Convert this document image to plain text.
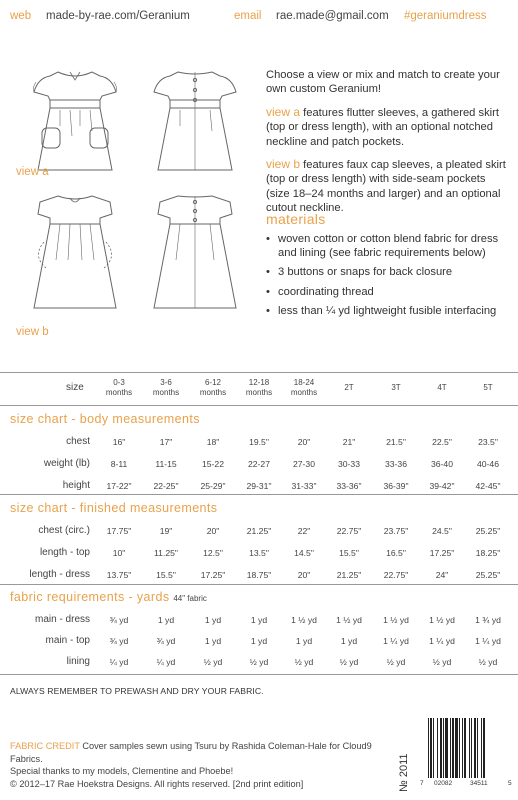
web made-by-rae.com/Geranium	email rae.made@gmail.com #geraniumdress
view a
view b

Choose a view or mix and match to create your own custom Geranium!

view a features flutter sleeves, a gathered skirt (top or dress length), with an optional notched neckline and patch pockets.

view b features faux cap sleeves, a pleated skirt (top or dress length) with side-seam pockets (size 18–24 months and larger) and an optional cutout neckline.

materials
• woven cotton or cotton blend fabric for dress and lining (see fabric requirements below)
• 3 buttons or snaps for back closure
• coordinating thread
• less than ¼ yd lightweight fusible interfacing
size	0-3
months
3-6
months
6-12
months
12-18
months
18-24
months
2T	3T	4T	5T
size chart - body measurements
chest	16"	17"	18"	19.5"	20"	21"	21.5"	22.5"	23.5"
weight (lb)	8-11	11-15	15-22	22-27	27-30	30-33	33-36	36-40	40-46
height	17-22"	22-25"	25-29"	29-31"	31-33"	33-36"	36-39"	39-42"	42-45"
size chart - finished measurements
chest (circ.)	17.75"	19"	20"	21.25"	22"	22.75"	23.75"	24.5"	25.25"
length - top	10"	11.25"	12.5"	13.5"	14.5"	15.5"	16.5"	17.25"	18.25"
length - dress	13.75"	15.5"	17.25"	18.75"	20"	21.25"	22.75"	24"	25.25"
fabric requirements - yards 44" fabric
main - dress	¾ yd	1 yd	1 yd	1 yd	1 ½ yd	1 ½ yd	1 ½ yd	1 ½ yd	1 ¾ yd
main - top	¾ yd	¾ yd	1 yd	1 yd	1 yd	1 yd	1 ¼ yd	1 ¼ yd	1 ¼ yd
lining	¼ yd	¼ yd	½ yd	½ yd	½ yd	½ yd	½ yd	½ yd	½ yd
ALWAYS REMEMBER TO PREWASH AND DRY YOUR FABRIC.

FABRIC CREDIT Cover samples sewn using Tsuru by Rashida Coleman-Hale for Cloud9 Fabrics.

Special thanks to my models, Clementine and Phoebe!

© 2012–17 Rae Hoekstra Designs. All rights reserved. [2nd print edition]	№ 2011	7 02082	34511	5
